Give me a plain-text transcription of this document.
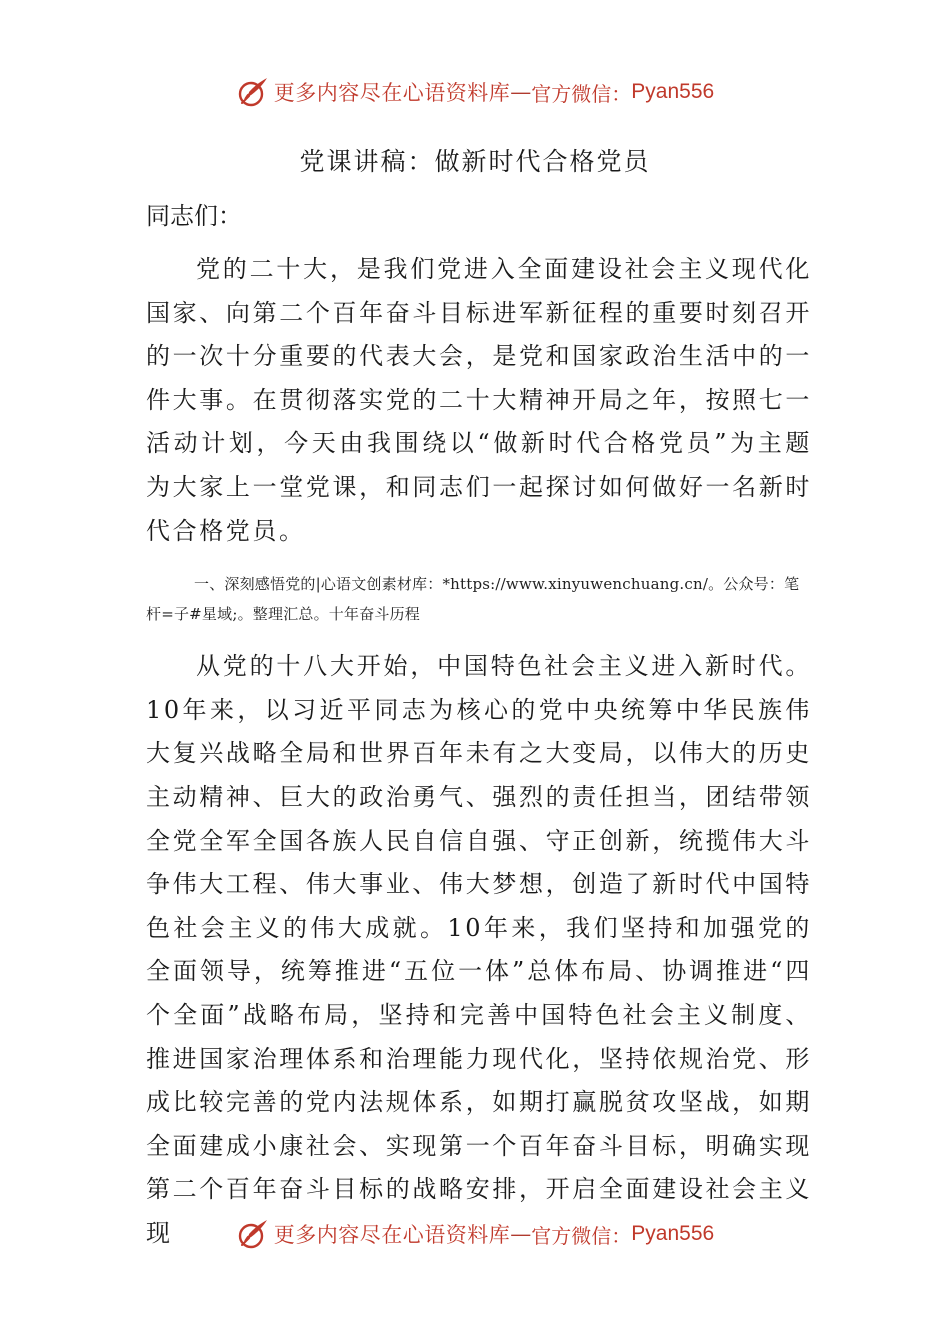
更多内容尽在心语资料库 — 官方微信： Pyan556
党课讲稿：做新时代合格党员

同志们：

党的二十大，是我们党进入全面建设社会主义现代化国家、向第二个百年奋斗目标进军新征程的重要时刻召开的一次十分重要的代表大会，是党和国家政治生活中的一件大事。在贯彻落实党的二十大精神开局之年，按照七一活动计划，今天由我围绕以“做新时代合格党员”为主题为大家上一堂党课，和同志们一起探讨如何做好一名新时代合格党员。

一、深刻感悟党的|心语文创素材库：*https://www.xinyuwenchuang.cn/。公众号：笔杆=子#星域;。整理汇总。十年奋斗历程

从党的十八大开始，中国特色社会主义进入新时代。10年来，以习近平同志为核心的党中央统筹中华民族伟大复兴战略全局和世界百年未有之大变局，以伟大的历史主动精神、巨大的政治勇气、强烈的责任担当，团结带领全党全军全国各族人民自信自强、守正创新，统揽伟大斗争伟大工程、伟大事业、伟大梦想，创造了新时代中国特色社会主义的伟大成就。10年来，我们坚持和加强党的全面领导，统筹推进“五位一体”总体布局、协调推进“四个全面”战略布局，坚持和完善中国特色社会主义制度、推进国家治理体系和治理能力现代化，坚持依规治党、形成比较完善的党内法规体系，如期打赢脱贫攻坚战，如期全面建成小康社会、实现第一个百年奋斗目标，明确实现第二个百年奋斗目标的战略安排，开启全面建设社会主义现	更多内容尽在心语资料库 — 官方微信： Pyan556
